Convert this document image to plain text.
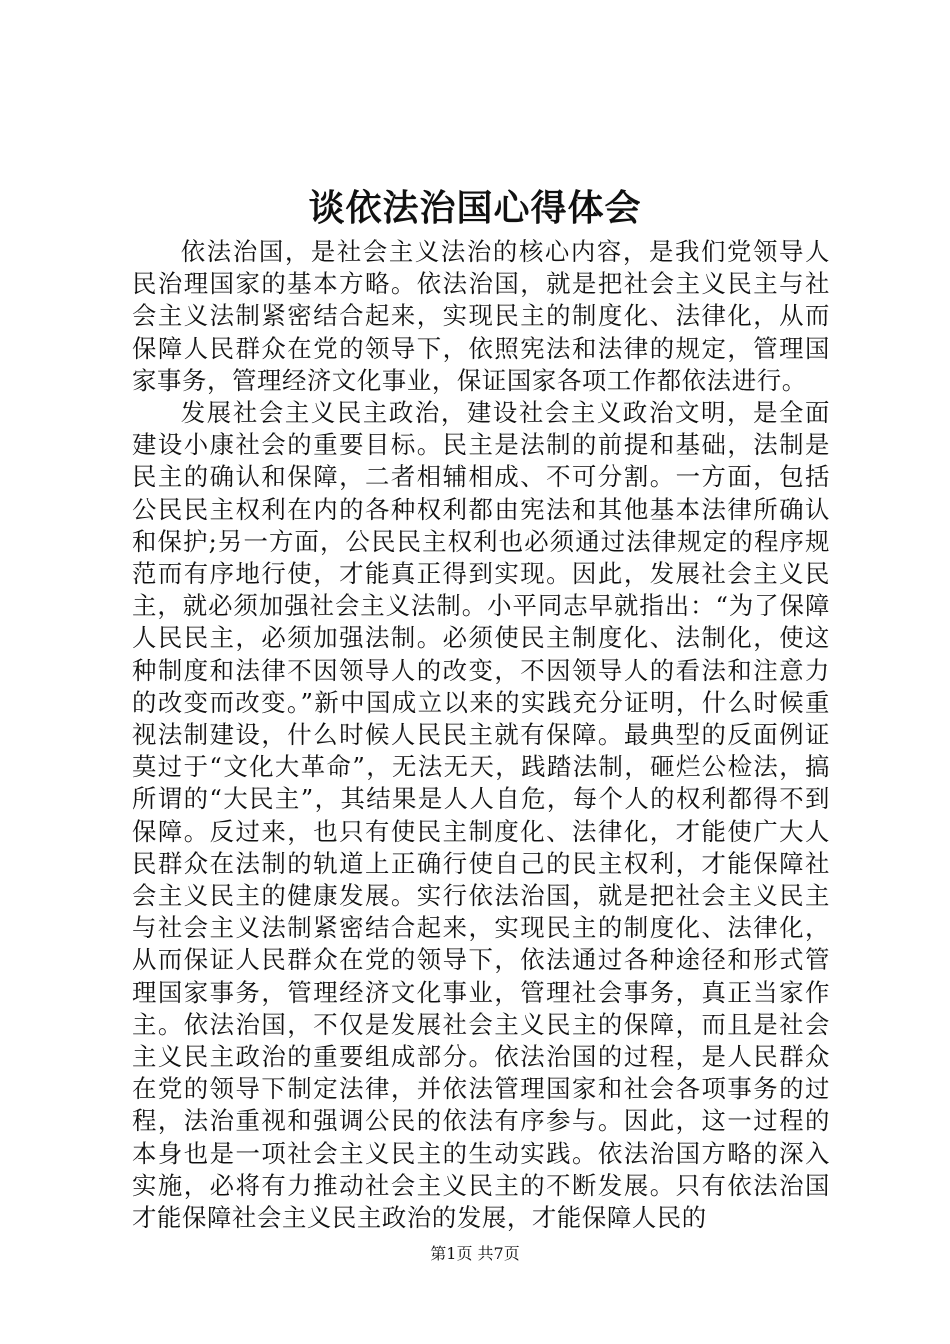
谈依法治国心得体会

依法治国，是社会主义法治的核心内容，是我们党领导人民治理国家的基本方略。依法治国，就是把社会主义民主与社会主义法制紧密结合起来，实现民主的制度化、法律化，从而保障人民群众在党的领导下，依照宪法和法律的规定，管理国家事务，管理经济文化事业，保证国家各项工作都依法进行。

发展社会主义民主政治，建设社会主义政治文明，是全面建设小康社会的重要目标。民主是法制的前提和基础，法制是民主的确认和保障，二者相辅相成、不可分割。一方面，包括公民民主权利在内的各种权利都由宪法和其他基本法律所确认和保护;另一方面，公民民主权利也必须通过法律规定的程序规范而有序地行使，才能真正得到实现。因此，发展社会主义民主，就必须加强社会主义法制。小平同志早就指出：“为了保障人民民主，必须加强法制。必须使民主制度化、法制化，使这种制度和法律不因领导人的改变，不因领导人的看法和注意力的改变而改变。”新中国成立以来的实践充分证明，什么时候重视法制建设，什么时候人民民主就有保障。最典型的反面例证莫过于“文化大革命”，无法无天，践踏法制，砸烂公检法，搞所谓的“大民主”，其结果是人人自危，每个人的权利都得不到保障。反过来，也只有使民主制度化、法律化，才能使广大人民群众在法制的轨道上正确行使自己的民主权利，才能保障社会主义民主的健康发展。实行依法治国，就是把社会主义民主与社会主义法制紧密结合起来，实现民主的制度化、法律化，从而保证人民群众在党的领导下，依法通过各种途径和形式管理国家事务，管理经济文化事业，管理社会事务，真正当家作主。依法治国，不仅是发展社会主义民主的保障，而且是社会主义民主政治的重要组成部分。依法治国的过程，是人民群众在党的领导下制定法律，并依法管理国家和社会各项事务的过程，法治重视和强调公民的依法有序参与。因此，这一过程的本身也是一项社会主义民主的生动实践。依法治国方略的深入实施，必将有力推动社会主义民主的不断发展。只有依法治国才能保障社会主义民主政治的发展，才能保障人民的

第1页 共7页
